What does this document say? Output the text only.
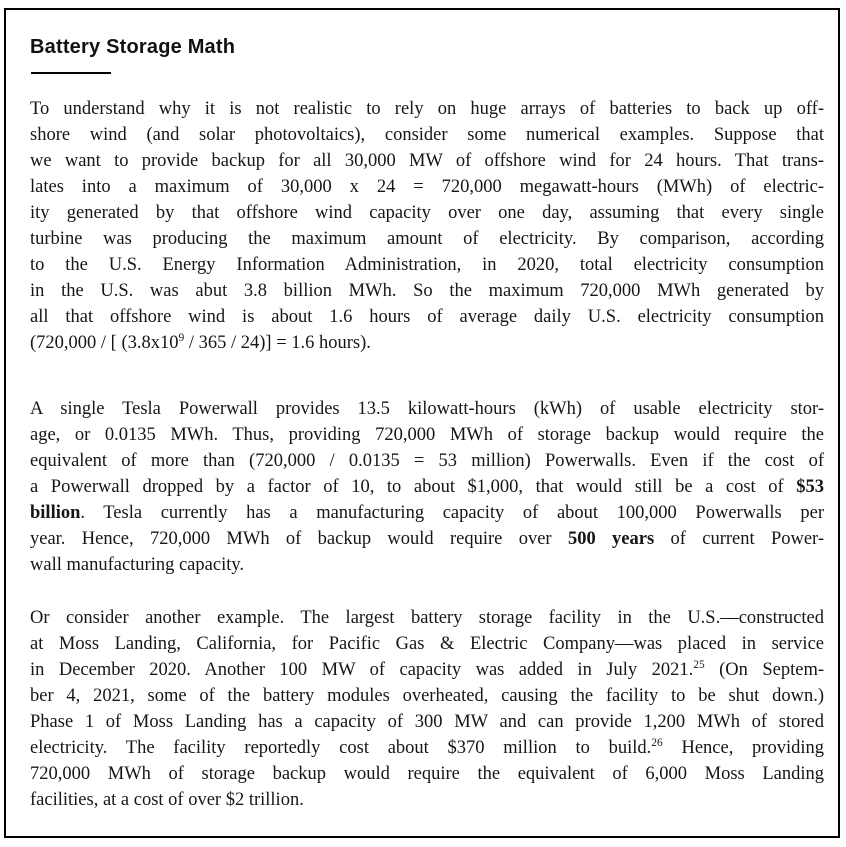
Battery Storage Math
To understand why it is not realistic to rely on huge arrays of batteries to back up off-
shore wind (and solar photovoltaics), consider some numerical examples. Suppose that
we want to provide backup for all 30,000 MW of offshore wind for 24 hours. That trans-
lates into a maximum of 30,000 x 24 = 720,000 megawatt-hours (MWh) of electric-
ity generated by that offshore wind capacity over one day, assuming that every single
turbine was producing the maximum amount of electricity. By comparison, according
to the U.S. Energy Information Administration, in 2020, total electricity consumption
in the U.S. was abut 3.8 billion MWh. So the maximum 720,000 MWh generated by
all that offshore wind is about 1.6 hours of average daily U.S. electricity consumption
(720,000 / [ $(3.8x10^9 / 365 / 24)] = 1.6$ hours).
A single Tesla Powerwall provides 13.5 kilowatt-hours (kWh) of usable electricity stor-
age, or 0.0135 MWh. Thus, providing 720,000 MWh of storage backup would require the
equivalent of more than (720,000 / 0.0135 = 53 million) Powerwalls. Even if the cost of
a Powerwall dropped by a factor of 10, to about $1,000, that would still be a cost of $53
billion. Tesla currently has a manufacturing capacity of about 100,000 Powerwalls per
year. Hence, 720,000 MWh of backup would require over 500 years of current Power-
wall manufacturing capacity.
Or consider another example. The largest battery storage facility in the U.S.—constructed
at Moss Landing, California, for Pacific Gas & Electric Company—was placed in service
in December 2020. Another 100 MW of capacity was added in July 2021.25 (On Septem-
ber 4, 2021, some of the battery modules overheated, causing the facility to be shut down.)
Phase 1 of Moss Landing has a capacity of 300 MW and can provide 1,200 MWh of stored
electricity. The facility reportedly cost about $370 million to build.$^{26}$ Hence, providing
720,000 MWh of storage backup would require the equivalent of 6,000 Moss Landing
facilities, at a cost of over $2 trillion.
